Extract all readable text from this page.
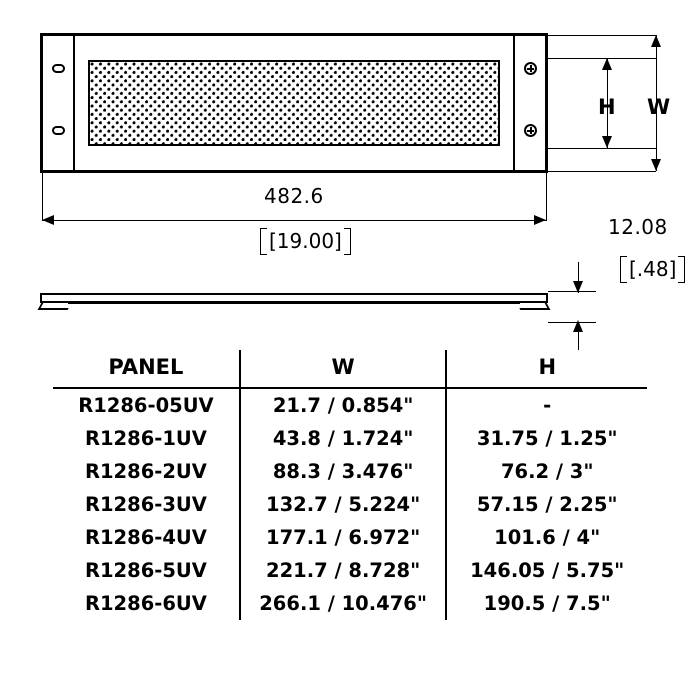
H W
482.6
[19.00]
12.08
[.48]
PANEL	W	H
R1286-05UV	21.7 / 0.854"	-
R1286-1UV	43.8 / 1.724"	31.75 / 1.25"
R1286-2UV	88.3 / 3.476"	76.2 / 3"
R1286-3UV	132.7 / 5.224"	57.15 / 2.25"
R1286-4UV	177.1 / 6.972"	101.6 / 4"
R1286-5UV	221.7 / 8.728"	146.05 / 5.75"
R1286-6UV	266.1 / 10.476"	190.5 / 7.5"
